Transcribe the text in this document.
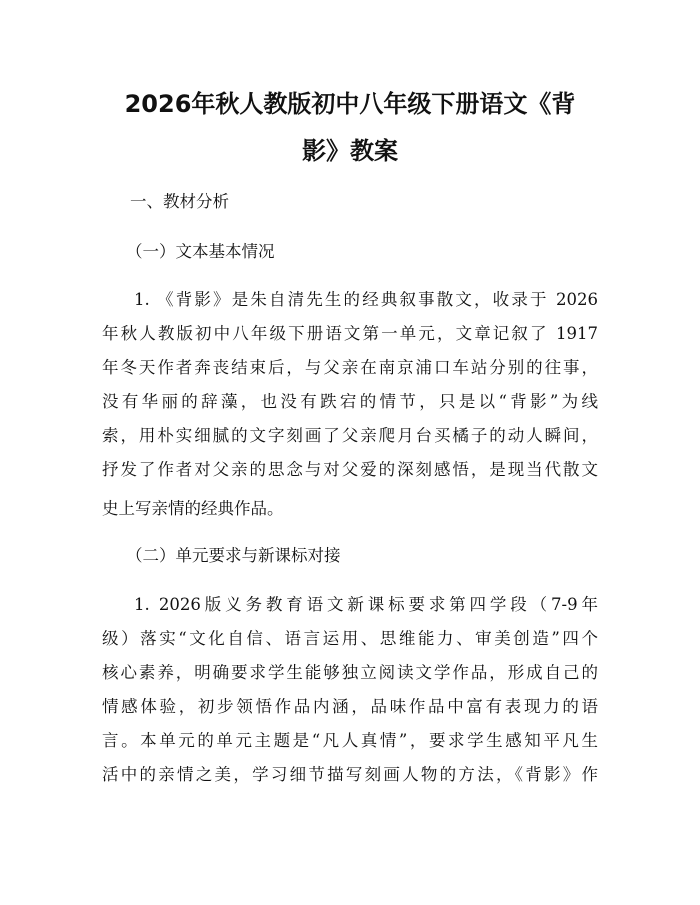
2026年秋人教版初中八年级下册语文《背
影》教案

一、教材分析

（一）文本基本情况

1. 《背影》是朱自清先生的经典叙事散文，收录于 2026

年秋人教版初中八年级下册语文第一单元，文章记叙了 1917

年冬天作者奔丧结束后，与父亲在南京浦口车站分别的往事，

没有华丽的辞藻，也没有跌宕的情节，只是以“背影”为线

索，用朴实细腻的文字刻画了父亲爬月台买橘子的动人瞬间，

抒发了作者对父亲的思念与对父爱的深刻感悟，是现当代散文

史上写亲情的经典作品。

（二）单元要求与新课标对接

1. 2026版义务教育语文新课标要求第四学段（7-9年

级）落实“文化自信、语言运用、思维能力、审美创造”四个

核心素养，明确要求学生能够独立阅读文学作品，形成自己的

情感体验，初步领悟作品内涵，品味作品中富有表现力的语

言。本单元的单元主题是“凡人真情”，要求学生感知平凡生

活中的亲情之美，学习细节描写刻画人物的方法，《背影》作
